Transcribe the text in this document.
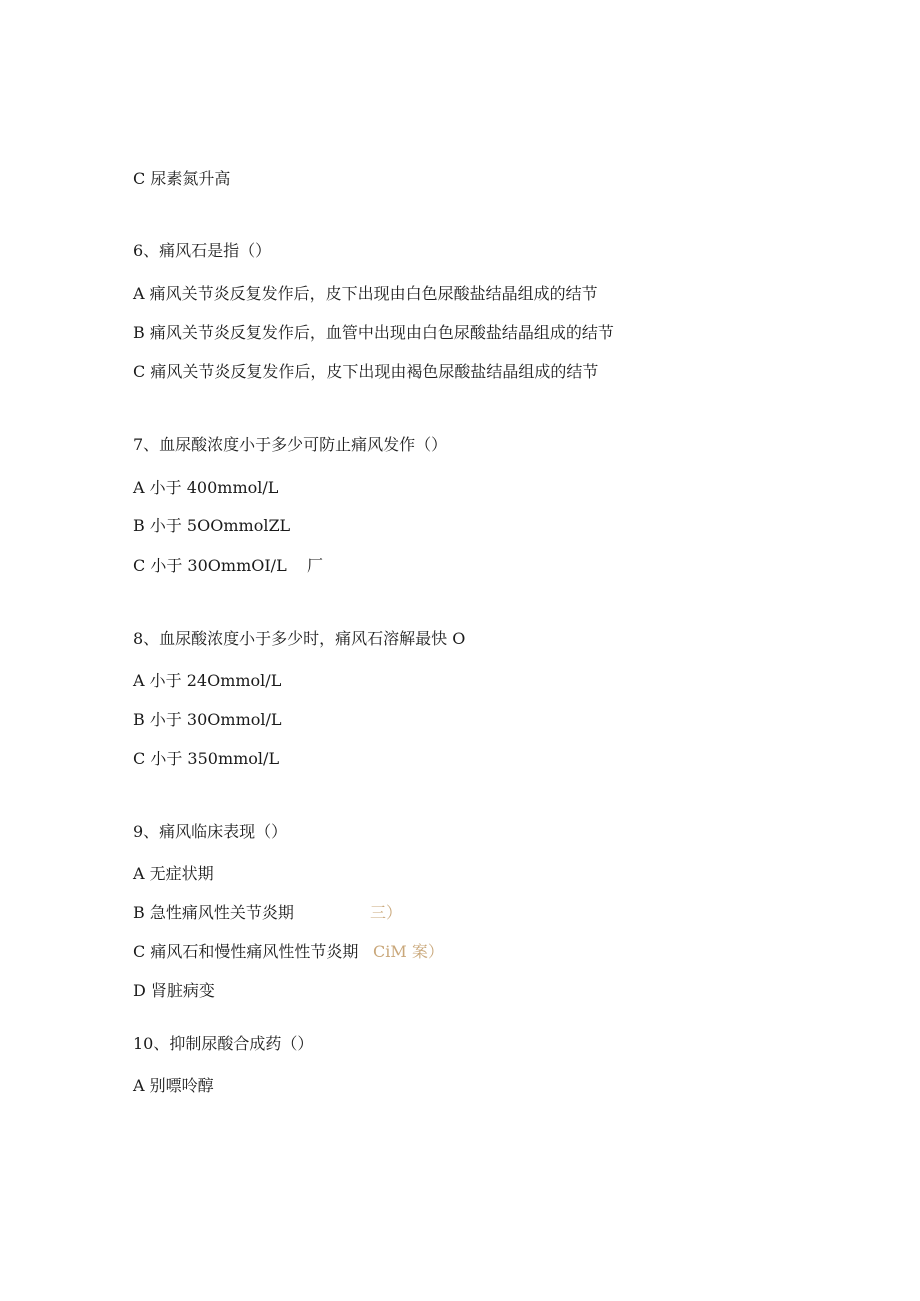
C 尿素氮升高
6、痛风石是指（）
A 痛风关节炎反复发作后，皮下出现由白色尿酸盐结晶组成的结节
B 痛风关节炎反复发作后，血管中出现由白色尿酸盐结晶组成的结节
C 痛风关节炎反复发作后，皮下出现由褐色尿酸盐结晶组成的结节
7、血尿酸浓度小于多少可防止痛风发作（）
A 小于 400mmol∕L
B 小于 5OOmmolZL
C 小于 30OmmOI/L 厂
8、血尿酸浓度小于多少时，痛风石溶解最快 O
A 小于 24Ommol/L
B 小于 30Ommol/L
C 小于 350mmol∕L
9、痛风临床表现（）
A 无症状期
B 急性痛风性关节炎期	三）
C 痛风石和慢性痛风性性节炎期 CiM 案）
D 肾脏病变
10、抑制尿酸合成药（）
A 别嘌呤醇
